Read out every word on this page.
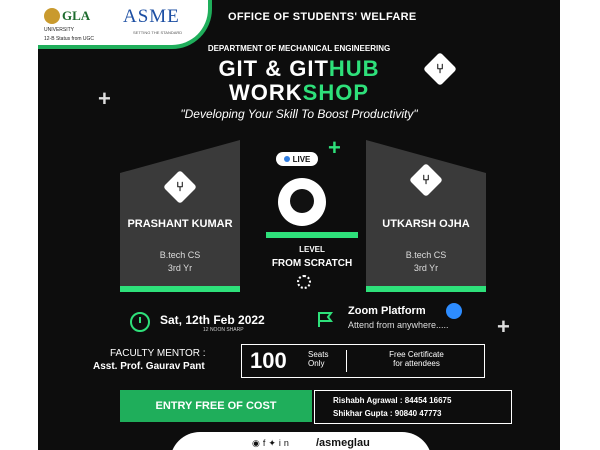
GLA
UNIVERSITY
12-B Status from UGC
ASME
SETTING THE STANDARD
OFFICE OF STUDENTS' WELFARE
DEPARTMENT OF MECHANICAL ENGINEERING
GIT & GITHUB
WORKSHOP
"Developing Your Skill To Boost Productivity"
+
+
+
⑂
⑂
PRASHANT KUMAR
B.tech CS
3rd Yr
⑂
UTKARSH OJHA
B.tech CS
3rd Yr
LIVE
LEVEL
FROM SCRATCH
Sat, 12th Feb 2022
12 NOON SHARP
Zoom Platform
Attend from anywhere.....
FACULTY MENTOR :
Asst. Prof. Gaurav Pant 100	Seats
Only
Free Certificate
for attendees
ENTRY FREE OF COST	Rishabh Agrawal : 84454 16675
Shikhar Gupta : 90840 47773
◉f✦in /asmeglau
